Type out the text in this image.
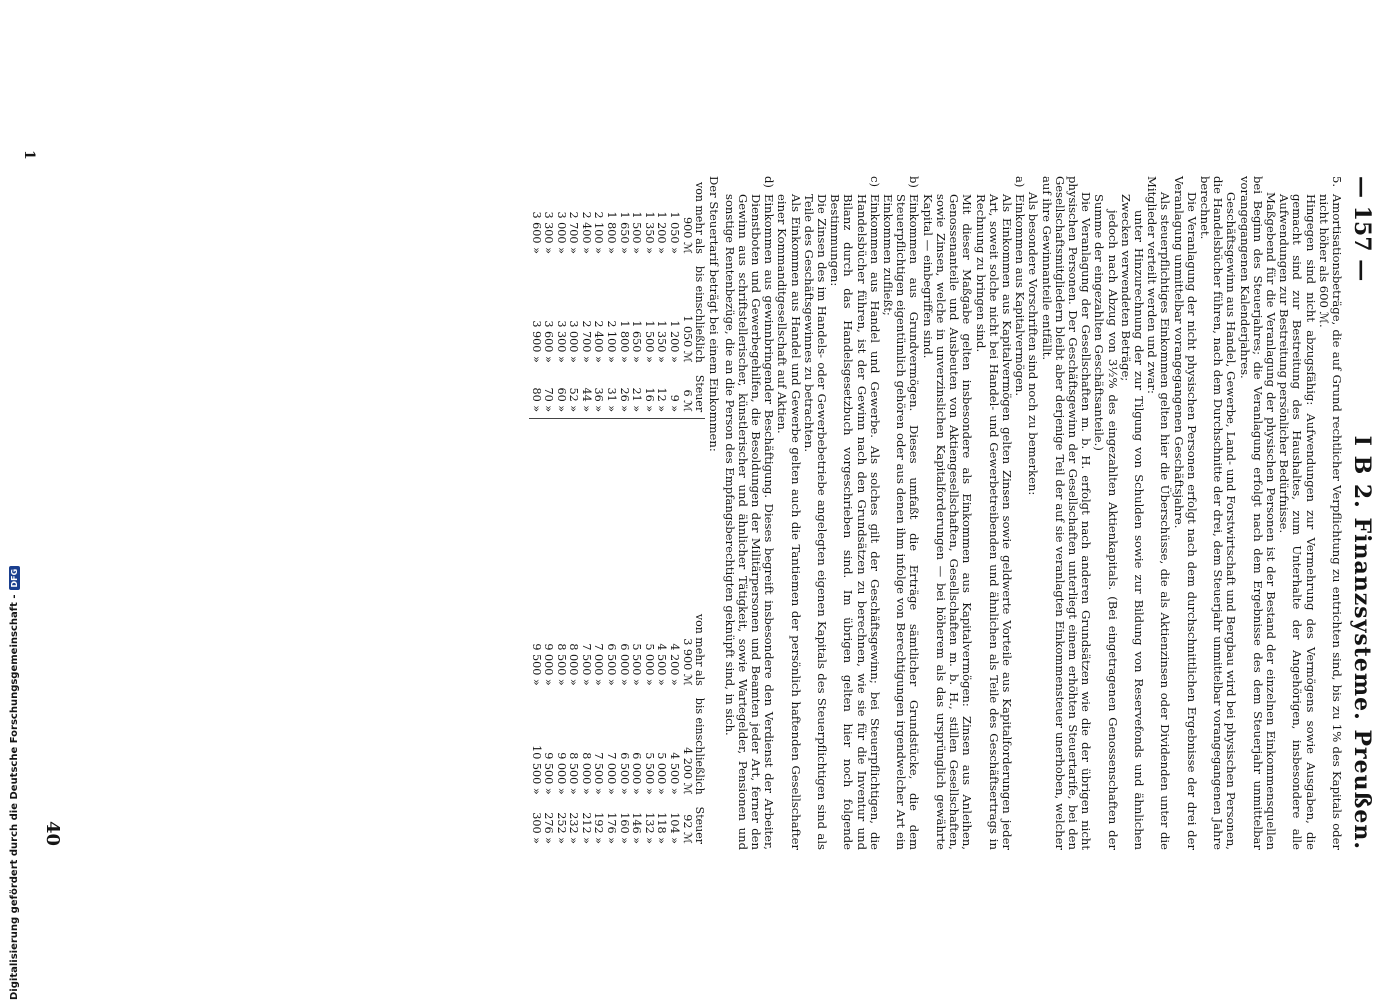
— 157 —
I B 2. Finanzsysteme. Preußen.
5.
Amortisationsbeträge, die auf Grund rechtlicher Verpflichtung zu entrichten sind, bis zu 1% des Kapitals oder nicht höher als 600 ℳ.
Hingegen sind nicht abzugsfähig: Aufwendungen zur Vermehrung des Vermögens sowie Ausgaben, die gemacht sind zur Bestreitung des Haushaltes, zum Unterhalte der Angehörigen, insbesondere alle Aufwendungen zur Bestreitung persönlicher Bedürfnisse.

Maßgebend für die Veranlagung der physischen Personen ist der Bestand der einzelnen Einkommensquellen bei Beginn des Steuerjahres; die Veranlagung erfolgt nach dem Ergebnisse des dem Steuerjahr unmittelbar vorangegangenen Kalenderjahres.

Geschäftsgewinn aus Handel, Gewerbe, Land- und Forstwirtschaft und Bergbau wird bei physischen Personen, die Handelsbücher führen, nach dem Durchschnitte der drei, dem Steuerjahr unmittelbar vorangegangenen Jahre berechnet.

Die Veranlagung der nicht physischen Personen erfolgt nach dem durchschnittlichen Ergebnisse der drei der Veranlagung unmittelbar vorangegangenen Geschäftsjahre.

Als steuerpflichtiges Einkommen gelten hier die Überschüsse, die als Aktienzinsen oder Dividenden unter die Mitglieder verteilt werden und zwar:

unter Hinzurechnung der zur Tilgung von Schulden sowie zur Bildung von Reservefonds und ähnlichen Zwecken verwendeten Beträge;

jedoch nach Abzug von 3½% des eingezahlten Aktienkapitals. (Bei eingetragenen Genossenschaften der Summe der eingezahlten Geschäftsanteile.)

Die Veranlagung der Gesellschaften m. b. H. erfolgt nach anderen Grundsätzen wie die der übrigen nicht physischen Personen. Der Geschäftsgewinn der Gesellschaften unterliegt einem erhöhten Steuertarife, bei den Gesellschaftsmitgliedern bleibt aber derjenige Teil der auf sie veranlagten Einkommensteuer unerhoben, welcher auf ihre Gewinnanteile entfällt.

Als besondere Vorschriften sind noch zu bemerken:

a)
Einkommen aus Kapitalvermögen.
Als Einkommen aus Kapitalvermögen gelten Zinsen sowie geldwerte Vorteile aus Kapitalforderungen jeder Art, soweit solche nicht bei Handel- und Gewerbetreibenden und ähnlichen als Teile des Geschäftsertrags in Rechnung zu bringen sind.
Mit dieser Maßgabe gelten insbesondere als Einkommen aus Kapitalvermögen: Zinsen aus Anleihen, Genossenanteile und Ausbeuten von Aktiengesellschaften, Gesellschaften m. b. H., stillen Gesellschaften, sowie Zinsen, welche in unverzinslichen Kapitalforderungen — bei höherem als das ursprünglich gewährte Kapital — einbegriffen sind.
b)
Einkommen aus Grundvermögen. Dieses umfaßt die Erträge sämtlicher Grundstücke, die dem Steuerpflichtigen eigentümlich gehören oder aus denen ihm infolge von Berechtigungen irgendwelcher Art ein Einkommen zufließt;
c)
Einkommen aus Handel und Gewerbe. Als solches gilt der Geschäftsgewinn; bei Steuerpflichtigen, die Handelsbücher führen, ist der Gewinn nach den Grundsätzen zu berechnen, wie sie für die Inventur und Bilanz durch das Handelsgesetzbuch vorgeschrieben sind. Im übrigen gelten hier noch folgende Bestimmungen:
Die Zinsen des im Handels- oder Gewerbebetriebe angelegten eigenen Kapitals des Steuerpflichtigen sind als Teile des Geschäftsgewinnes zu betrachten.
Als Einkommen aus Handel und Gewerbe gelten auch die Tantiemen der persönlich haftenden Gesellschafter einer Kommanditgesellschaft auf Aktien.
d)
Einkommen aus gewinnbringender Beschäftigung. Dieses begreift insbesondere den Verdienst der Arbeiter, Dienstboten und Gewerbegehilfen, die Besoldungen der Militärpersonen und Beamten jeder Art, ferner den Gewinn aus schriftstellerischer, künstlerischer und ähnlicher Tätigkeit, sowie Wartegelder, Pensionen und sonstige Rentenbezüge, die an die Person des Empfangsberechtigten geknüpft sind, in sich.
Der Steuertarif beträgt bei einem Einkommen:
von mehr als	bis einschließlich	Steuer
900 ℳ	1 050 ℳ	6 ℳ
1 050 »	1 200 »	9 »
1 200 »	1 350 »	12 »
1 350 »	1 500 »	16 »
1 500 »	1 650 »	21 »
1 650 »	1 800 »	26 »
1 800 »	2 100 »	31 »
2 100 »	2 400 »	36 »
2 400 »	2 700 »	44 »
2 700 »	3 000 »	52 »
3 000 »	3 300 »	60 »
3 300 »	3 600 »	70 »
3 600 »	3 900 »	80 »
von mehr als	bis einschließlich	Steuer
3 900 ℳ	4 200 ℳ	92 ℳ
4 200 »	4 500 »	104 »
4 500 »	5 000 »	118 »
5 000 »	5 500 »	132 »
5 500 »	6 000 »	146 »
6 000 »	6 500 »	160 »
6 500 »	7 000 »	176 »
7 000 »	7 500 »	192 »
7 500 »	8 000 »	212 »
8 000 »	8 500 »	232 »
8 500 »	9 000 »	252 »
9 000 »	9 500 »	276 »
9 500 »	10 500 »	300 »
40
1
Digitalisierung gefördert durch die Deutsche Forschungsgemeinschaft -
DFG
